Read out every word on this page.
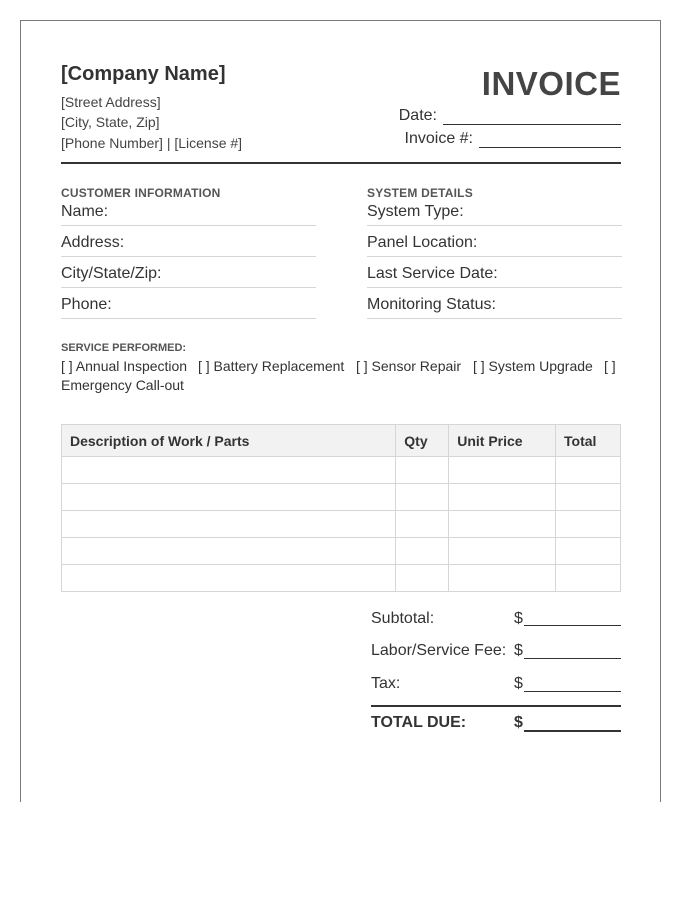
[Company Name]
[Street Address]
[City, State, Zip]
[Phone Number] | [License #]
INVOICE
Date:
Invoice #:
CUSTOMER INFORMATION	SYSTEM DETAILS
Name:
Address:
City/State/Zip:
Phone:
System Type:
Panel Location:
Last Service Date:
Monitoring Status:
SERVICE PERFORMED:
[ ] Annual Inspection [ ] Battery Replacement [ ] Sensor Repair [ ] System Upgrade [ ]
Emergency Call-out
Description of Work / Parts	Qty	Unit Price	Total

Subtotal:	$
Labor/Service Fee: $
Tax:	$
TOTAL DUE:	$
